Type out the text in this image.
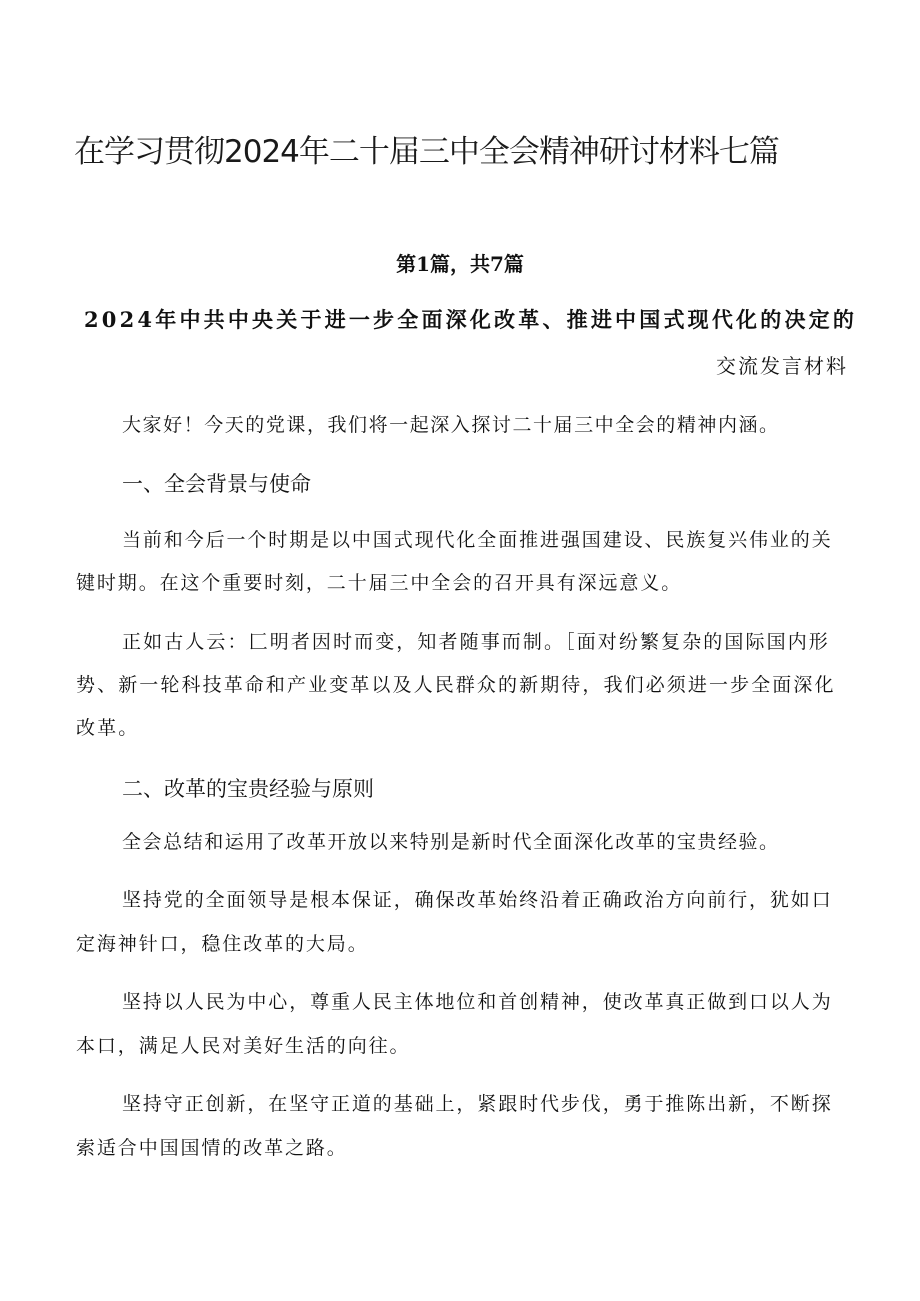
在学习贯彻2024年二十届三中全会精神研讨材料七篇
第1篇，共7篇
2024年中共中央关于进一步全面深化改革、推进中国式现代化的决定的
交流发言材料
大家好！今天的党课，我们将一起深入探讨二十届三中全会的精神内涵。
一、全会背景与使命
当前和今后一个时期是以中国式现代化全面推进强国建设、民族复兴伟业的关
键时期。在这个重要时刻，二十届三中全会的召开具有深远意义。
正如古人云：匚明者因时而变，知者随事而制。［面对纷繁复杂的国际国内形
势、新一轮科技革命和产业变革以及人民群众的新期待，我们必须进一步全面深化
改革。
二、改革的宝贵经验与原则
全会总结和运用了改革开放以来特别是新时代全面深化改革的宝贵经验。
坚持党的全面领导是根本保证，确保改革始终沿着正确政治方向前行，犹如口
定海神针口，稳住改革的大局。
坚持以人民为中心，尊重人民主体地位和首创精神，使改革真正做到口以人为
本口，满足人民对美好生活的向往。
坚持守正创新，在坚守正道的基础上，紧跟时代步伐，勇于推陈出新，不断探
索适合中国国情的改革之路。
